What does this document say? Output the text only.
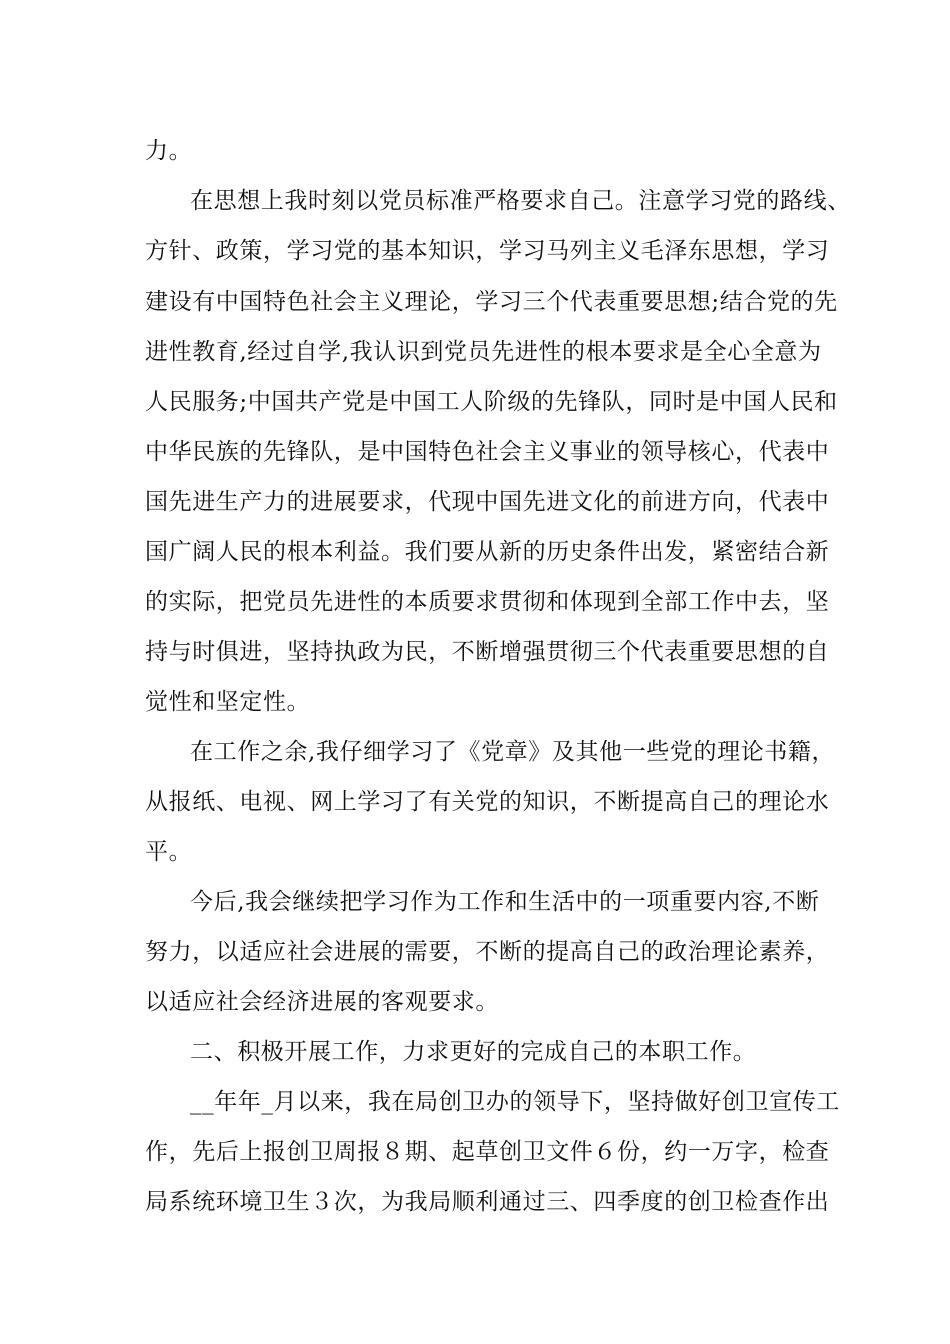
力。
在思想上我时刻以党员标准严格要求自己。注意学习党的路线、
方针、政策，学习党的基本知识，学习马列主义毛泽东思想，学习
建设有中国特色社会主义理论，学习三个代表重要思想;结合党的先
进性教育,经过自学,我认识到党员先进性的根本要求是全心全意为
人民服务;中国共产党是中国工人阶级的先锋队，同时是中国人民和
中华民族的先锋队，是中国特色社会主义事业的领导核心，代表中
国先进生产力的进展要求，代现中国先进文化的前进方向，代表中
国广阔人民的根本利益。我们要从新的历史条件出发，紧密结合新
的实际，把党员先进性的本质要求贯彻和体现到全部工作中去，坚
持与时俱进，坚持执政为民，不断增强贯彻三个代表重要思想的自
觉性和坚定性。
在工作之余,我仔细学习了《党章》及其他一些党的理论书籍，
从报纸、电视、网上学习了有关党的知识，不断提高自己的理论水
平。
今后,我会继续把学习作为工作和生活中的一项重要内容,不断
努力，以适应社会进展的需要，不断的提高自己的政治理论素养，
以适应社会经济进展的客观要求。
二、积极开展工作，力求更好的完成自己的本职工作。
__年年_月以来，我在局创卫办的领导下，坚持做好创卫宣传工
作，先后上报创卫周报８期、起草创卫文件６份，约一万字，检查
局系统环境卫生３次，为我局顺利通过三、四季度的创卫检查作出
